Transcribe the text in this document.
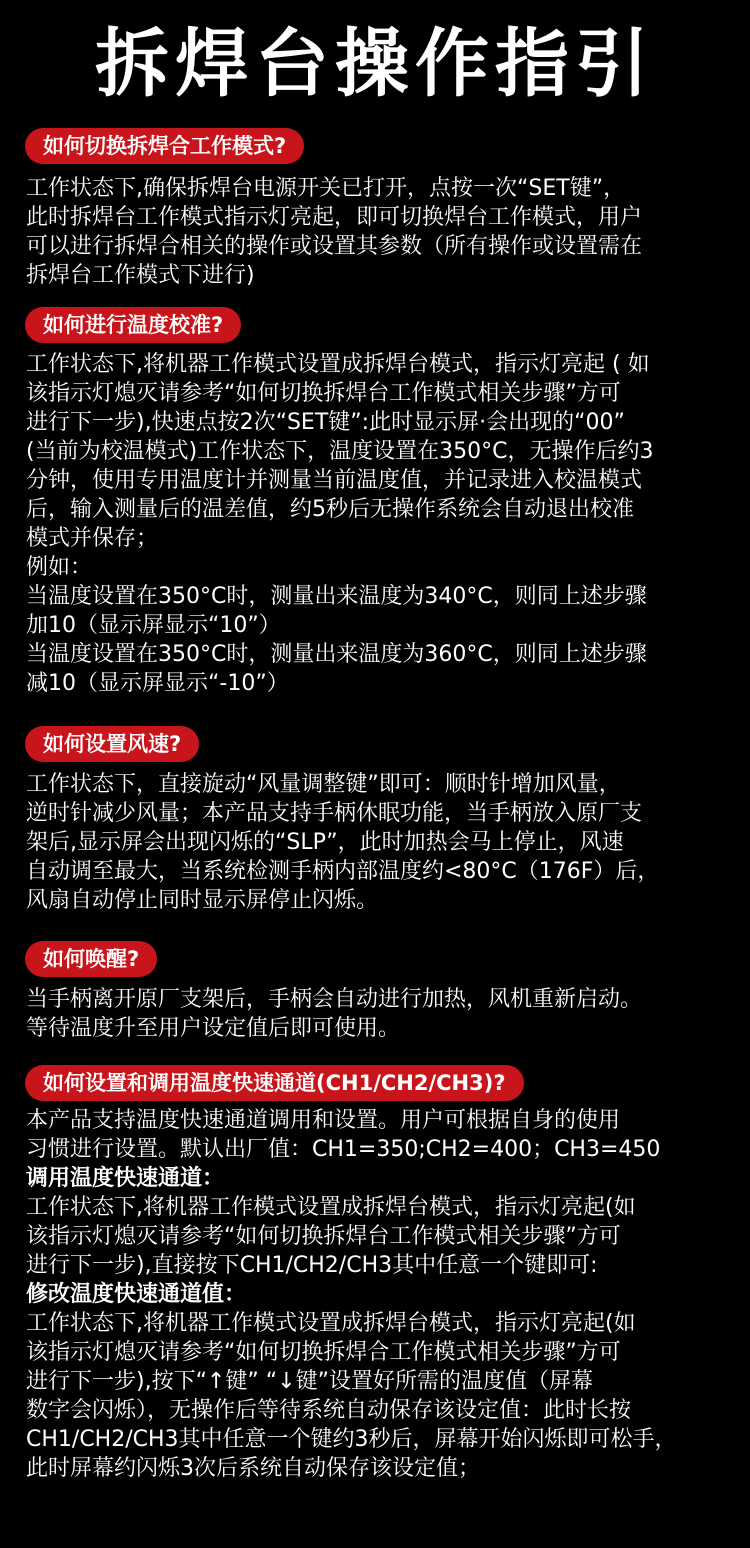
拆焊台操作指引
如何切换拆焊合工作模式?
工作状态下,确保拆焊台电源开关已打开，点按一次“SET键”，
此时拆焊台工作模式指示灯亮起，即可切换焊台工作模式，用户
可以进行拆焊合相关的操作或设置其参数（所有操作或设置需在
拆焊台工作模式下进行)
如何进行温度校准?
工作状态下,将机器工作模式设置成拆焊台模式，指示灯亮起 ( 如
该指示灯熄灭请参考“如何切换拆焊台工作模式相关步骤”方可
进行下一步),快速点按2次“SET键”:此时显示屏·会出现的“00”
(当前为校温模式)工作状态下，温度设置在350°C，无操作后约3
分钟，使用专用温度计并测量当前温度值，并记录进入校温模式
后，输入测量后的温差值，约5秒后无操作系统会自动退出校准
模式并保存；
例如：
当温度设置在350°C时，测量出来温度为340°C，则同上述步骤
加10（显示屏显示“10”）
当温度设置在350°C时，测量出来温度为360°C，则同上述步骤
减10（显示屏显示“-10”）
如何设置风速?
工作状态下，直接旋动“风量调整键”即可：顺时针增加风量，
逆时针减少风量；本产品支持手柄休眠功能，当手柄放入原厂支
架后,显示屏会出现闪烁的“SLP”，此时加热会马上停止，风速
自动调至最大，当系统检测手柄内部温度约<80°C（176F）后，
风扇自动停止同时显示屏停止闪烁。
如何唤醒?
当手柄离开原厂支架后，手柄会自动进行加热，风机重新启动。
等待温度升至用户设定值后即可使用。
如何设置和调用温度快速通道(CH1/CH2/CH3)?
本产品支持温度快速通道调用和设置。用户可根据自身的使用
习惯进行设置。默认出厂值：CH1=350;CH2=400；CH3=450
调用温度快速通道：
工作状态下,将机器工作模式设置成拆焊台模式，指示灯亮起(如
该指示灯熄灭请参考“如何切换拆焊台工作模式相关步骤”方可
进行下一步),直接按下CH1/CH2/CH3其中任意一个键即可:
修改温度快速通道值：
工作状态下,将机器工作模式设置成拆焊台模式，指示灯亮起(如
该指示灯熄灭请参考“如何切换拆焊合工作模式相关步骤”方可
进行下一步),按下“↑键” “↓键”设置好所需的温度值（屏幕
数字会闪烁），无操作后等待系统自动保存该设定值：此时长按
CH1/CH2/CH3其中任意一个键约3秒后，屏幕开始闪烁即可松手，
此时屏幕约闪烁3次后系统自动保存该设定值；
